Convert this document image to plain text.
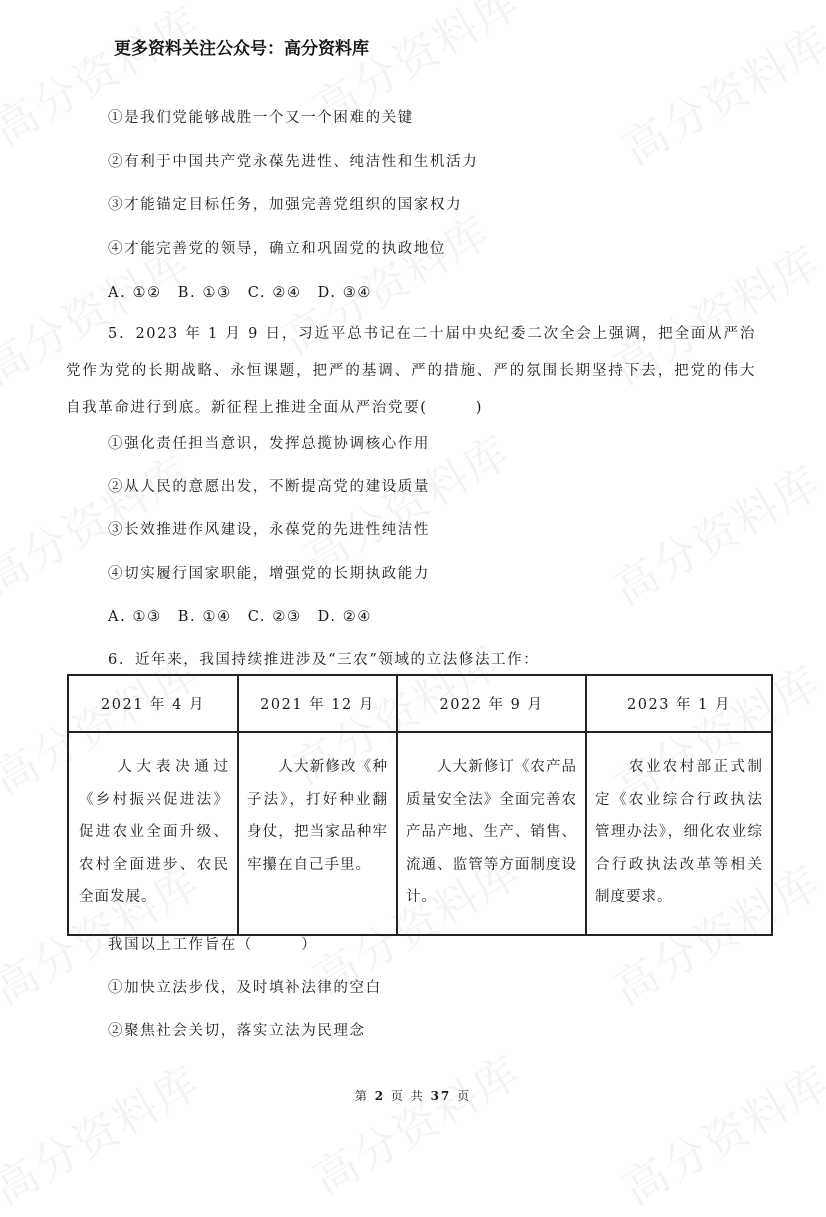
更多资料关注公众号：高分资料库
①是我们党能够战胜一个又一个困难的关键
②有利于中国共产党永葆先进性、纯洁性和生机活力
③才能锚定目标任务，加强完善党组织的国家权力
④才能完善党的领导，确立和巩固党的执政地位
A. ①②　B. ①③　C. ②④　D. ③④
5．2023 年 1 月 9 日，习近平总书记在二十届中央纪委二次全会上强调，把全面从严治党作为党的长期战略、永恒课题，把严的基调、严的措施、严的氛围长期坚持下去，把党的伟大自我革命进行到底。新征程上推进全面从严治党要(　　　)
①强化责任担当意识，发挥总揽协调核心作用
②从人民的意愿出发，不断提高党的建设质量
③长效推进作风建设，永葆党的先进性纯洁性
④切实履行国家职能，增强党的长期执政能力
A. ①③　B. ①④　C. ②③　D. ②④
6．近年来，我国持续推进涉及“三农”领域的立法修法工作：
2021 年 4 月	2021 年 12 月	2022 年 9 月	2023 年 1 月
　　人大表决通过《乡村振兴促进法》促进农业全面升级、农村全面进步、农民全面发展。	　　人大新修改《种子法》，打好种业翻身仗，把当家品种牢牢攥在自己手里。	　　人大新修订《农产品质量安全法》全面完善农产品产地、生产、销售、流通、监管等方面制度设计。	　　农业农村部正式制定《农业综合行政执法管理办法》，细化农业综合行政执法改革等相关制度要求。
我国以上工作旨在（　　　）
①加快立法步伐，及时填补法律的空白
②聚焦社会关切，落实立法为民理念
第 2 页 共 37 页
